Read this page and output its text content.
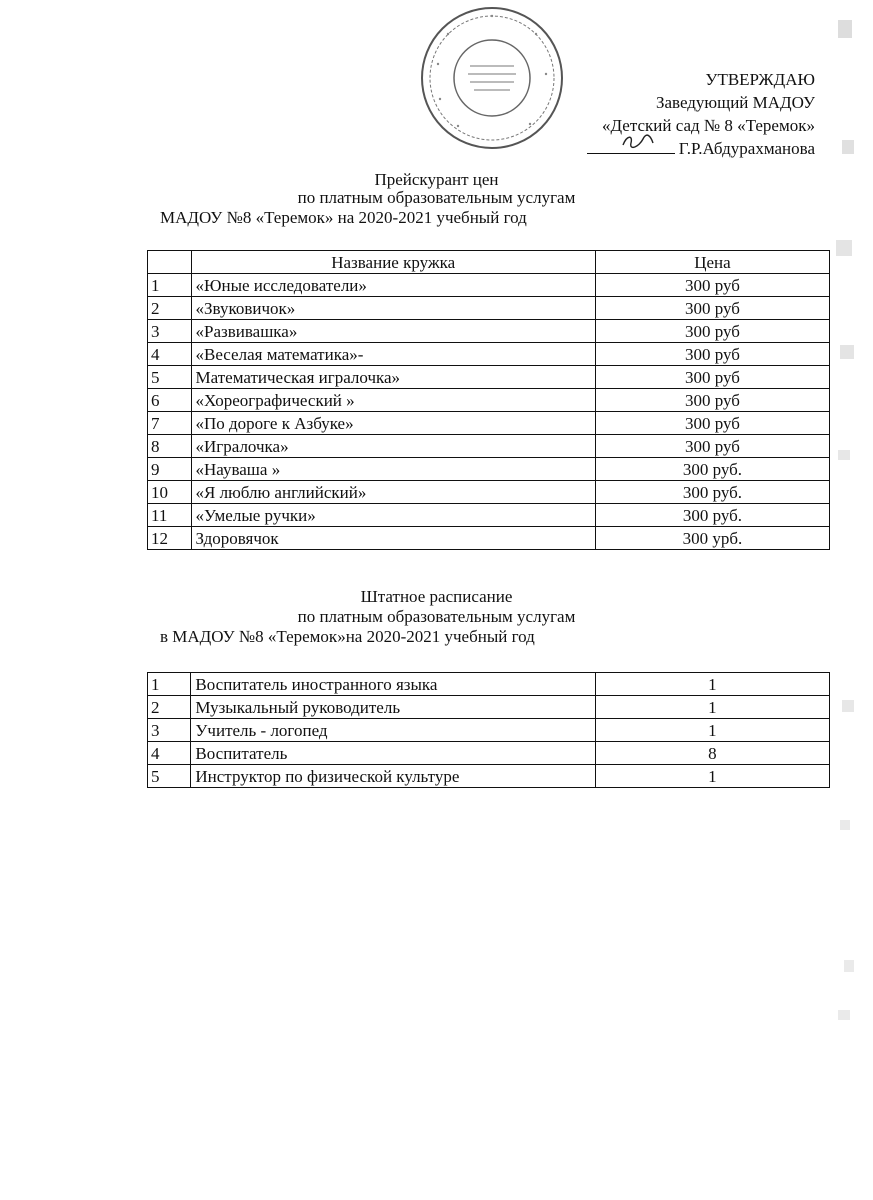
УТВЕРЖДАЮ
Заведующий МАДОУ
«Детский сад № 8 «Теремок»
Г.Р.Абдурахманова
Прейскурант цен
по платным образовательным услугам
МАДОУ №8 «Теремок» на 2020-2021 учебный год
	Название кружка	Цена
1	«Юные исследователи»	300 руб
2	«Звуковичок»	300 руб
3	«Развивашка»	300 руб
4	«Веселая математика»-	300 руб
5	Математическая игралочка»	300 руб
6	«Хореографический »	300 руб
7	«По дороге к Азбуке»	300 руб
8	«Игралочка»	300 руб
9	«Науваша »	300 руб.
10	«Я люблю английский»	300 руб.
11	«Умелые ручки»	300 руб.
12	Здоровячок	300 урб.
Штатное расписание
по платным образовательным услугам
в МАДОУ №8 «Теремок»на 2020-2021 учебный год
1	Воспитатель иностранного языка	1
2	Музыкальный руководитель	1
3	Учитель - логопед	1
4	Воспитатель	8
5	Инструктор по физической культуре	1
